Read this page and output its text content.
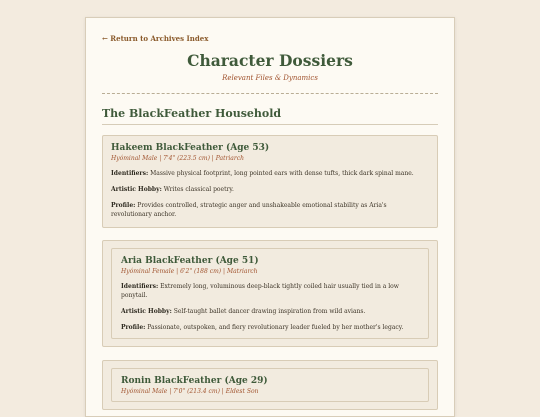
← Return to Archives Index
Character Dossiers
Relevant Files & Dynamics
The BlackFeather Household
Hakeem BlackFeather (Age 53)
Hyóminal Male | 7'4" (223.5 cm) | Patriarch
Identifiers: Massive physical footprint, long pointed ears with dense tufts, thick dark spinal mane.
Artistic Hobby: Writes classical poetry.
Profile: Provides controlled, strategic anger and unshakeable emotional stability as Aria's revolutionary anchor.
Aria BlackFeather (Age 51)
Hyóminal Female | 6'2" (188 cm) | Matriarch
Identifiers: Extremely long, voluminous deep-black tightly coiled hair usually tied in a low ponytail.
Artistic Hobby: Self-taught ballet dancer drawing inspiration from wild avians.
Profile: Passionate, outspoken, and fiery revolutionary leader fueled by her mother's legacy.
Ronin BlackFeather (Age 29)
Hyóminal Male | 7'0" (213.4 cm) | Eldest Son
